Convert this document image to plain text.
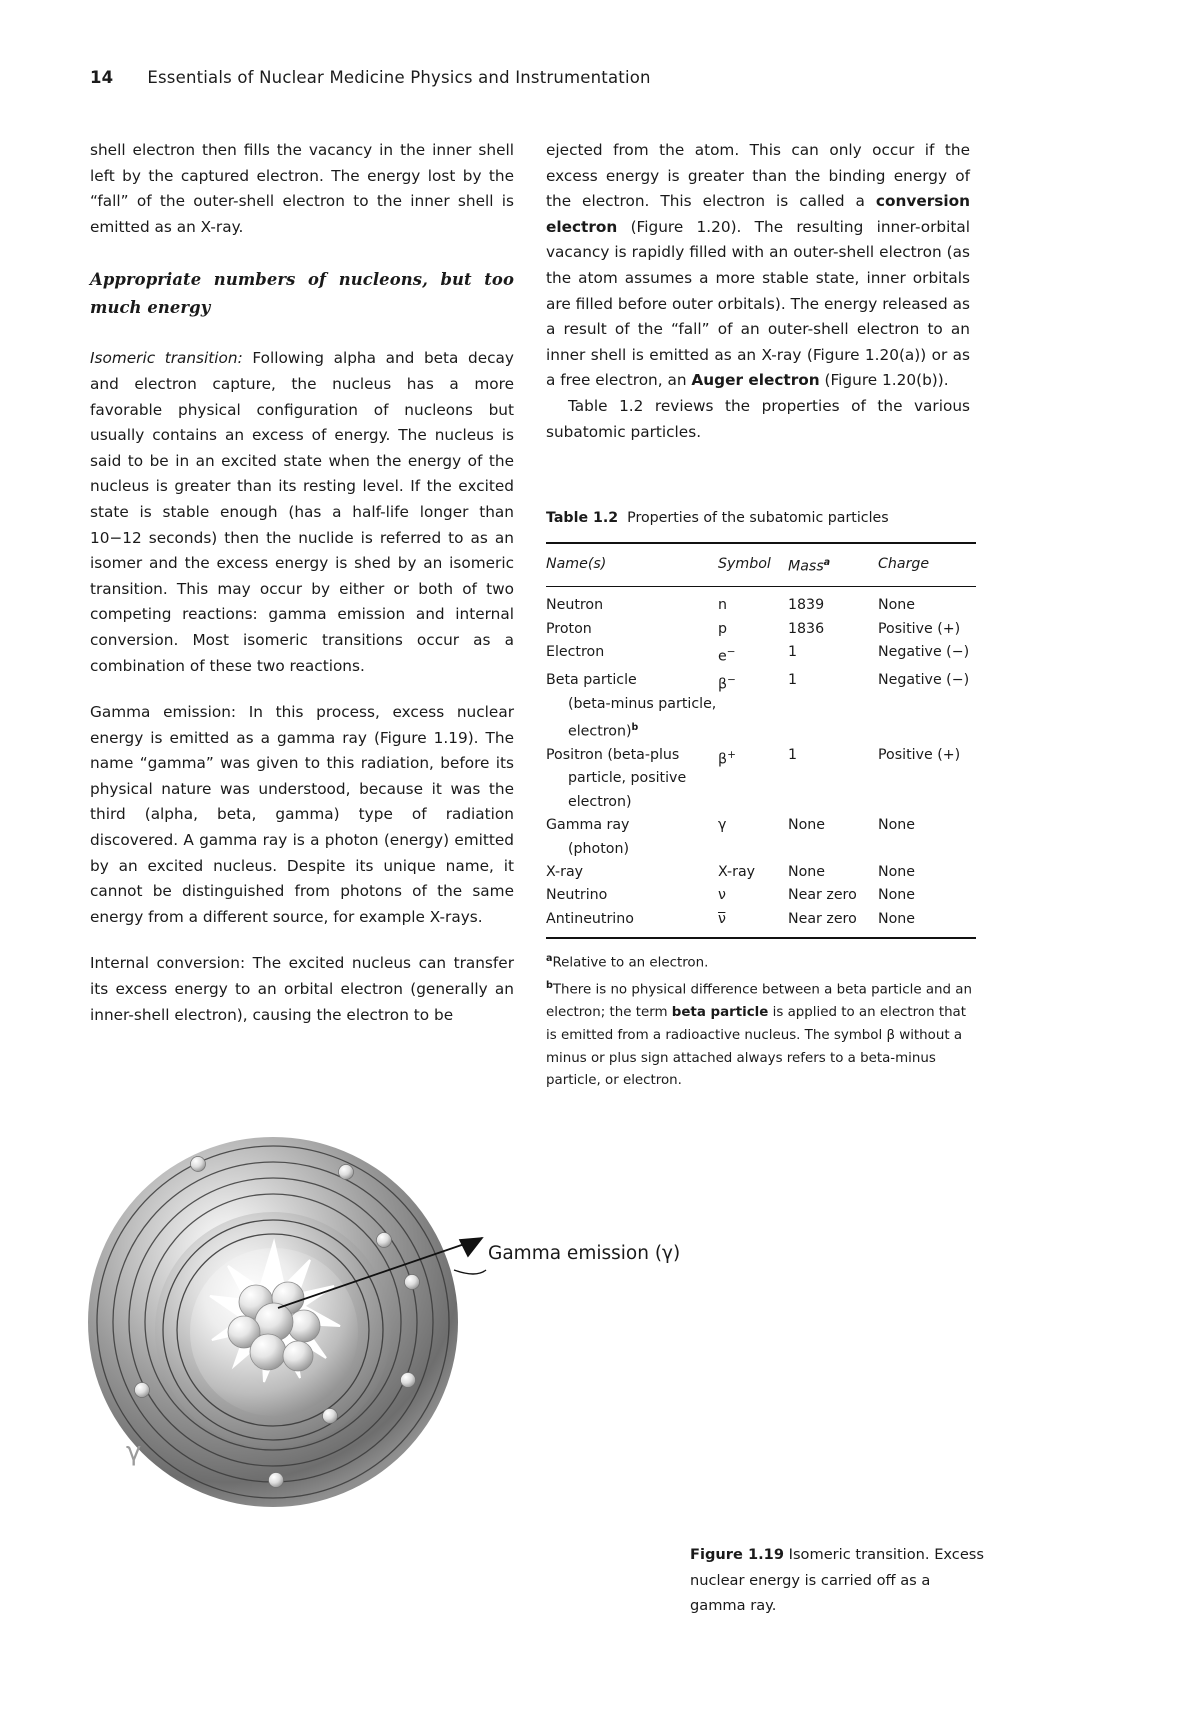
14 Essentials of Nuclear Medicine Physics and Instrumentation

shell electron then fills the vacancy in the inner shell left by the captured electron. The energy lost by the “fall” of the outer-shell electron to the inner shell is emitted as an X-ray.

Appropriate numbers of nucleons, but too much energy

Isomeric transition: Following alpha and beta decay and electron capture, the nucleus has a more favorable physical configuration of nucleons but usually contains an excess of energy. The nucleus is said to be in an excited state when the energy of the nucleus is greater than its resting level. If the excited state is stable enough (has a half-life longer than 10−12 seconds) then the nuclide is referred to as an isomer and the excess energy is shed by an isomeric transition. This may occur by either or both of two competing reactions: gamma emission and internal conversion. Most isomeric transitions occur as a combination of these two reactions.

Gamma emission: In this process, excess nuclear energy is emitted as a gamma ray (Figure 1.19). The name “gamma” was given to this radiation, before its physical nature was understood, because it was the third (alpha, beta, gamma) type of radiation discovered. A gamma ray is a photon (energy) emitted by an excited nucleus. Despite its unique name, it cannot be distinguished from photons of the same energy from a different source, for example X-rays.

Internal conversion: The excited nucleus can transfer its excess energy to an orbital electron (generally an inner-shell electron), causing the electron to be

ejected from the atom. This can only occur if the excess energy is greater than the binding energy of the electron. This electron is called a conversion electron (Figure 1.20). The resulting inner-orbital vacancy is rapidly filled with an outer-shell electron (as the atom assumes a more stable state, inner orbitals are filled before outer orbitals). The energy released as a result of the “fall” of an outer-shell electron to an inner shell is emitted as an X-ray (Figure 1.20(a)) or as a free electron, an Auger electron (Figure 1.20(b)).

Table 1.2 reviews the properties of the various subatomic particles.

Table 1.2 Properties of the subatomic particles
Name(s)	Symbol	Mass$^a$	Charge
Neutron	n	1839	None
Proton	p	1836	Positive (+)
Electron	e−	1	Negative (−)
Beta particle
(beta-minus particle, electron)$^b$	β−	1	Negative (−)
Positron (beta-plus
particle, positive electron)	β+	1	Positive (+)
Gamma ray
(photon)	γ	None	None
X-ray	X-ray	None	None
Neutrino	ν	Near zero	None
Antineutrino	ν̅	Near zero	None

$^a$Relative to an electron.

$^b$There is no physical difference between a beta particle and an electron; the term beta particle is applied to an electron that is emitted from a radioactive nucleus. The symbol β without a minus or plus sign attached always refers to a beta-minus particle, or electron.

γ
Gamma emission (γ)
Figure 1.19 Isomeric transition. Excess nuclear energy is carried off as a gamma ray.
